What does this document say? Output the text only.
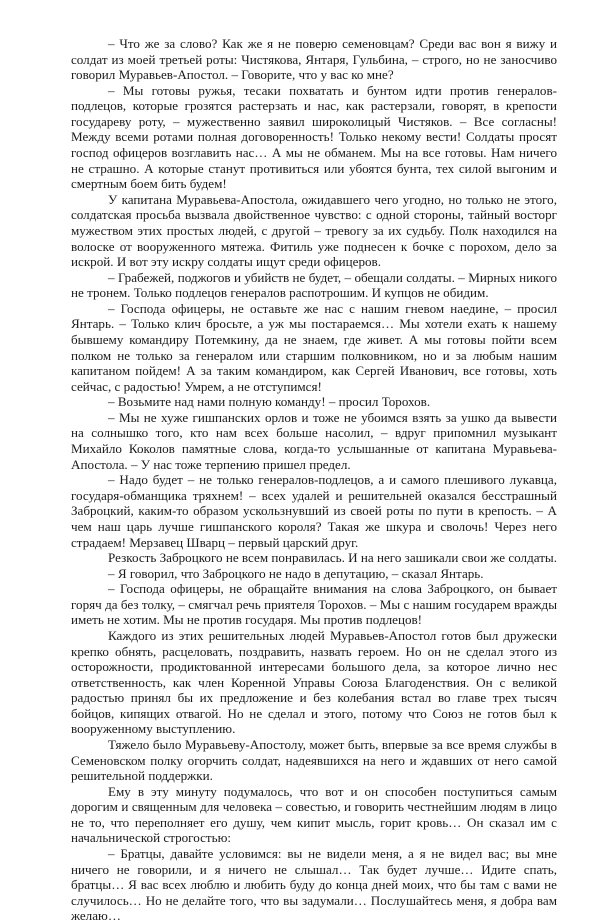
– Что же за слово? Как же я не поверю семеновцам? Среди вас вон я вижу и солдат из моей третьей роты: Чистякова, Янтаря, Гульбина, – строго, но не заносчиво говорил Муравьев-Апостол. – Говорите, что у вас ко мне?

– Мы готовы ружья, тесаки похватать и бунтом идти против генералов-подлецов, которые грозятся растерзать и нас, как растерзали, говорят, в крепости государеву роту, – мужественно заявил широколицый Чистяков. – Все согласны! Между всеми ротами полная договоренность! Только некому вести! Солдаты просят господ офицеров возглавить нас… А мы не обманем. Мы на все готовы. Нам ничего не страшно. А которые станут противиться или убоятся бунта, тех силой выгоним и смертным боем бить будем!

У капитана Муравьева-Апостола, ожидавшего чего угодно, но только не этого, солдатская просьба вызвала двойственное чувство: с одной стороны, тайный восторг мужеством этих простых людей, с другой – тревогу за их судьбу. Полк находился на волоске от вооруженного мятежа. Фитиль уже поднесен к бочке с порохом, дело за искрой. И вот эту искру солдаты ищут среди офицеров.

– Грабежей, поджогов и убийств не будет, – обещали солдаты. – Мирных никого не тронем. Только подлецов генералов распотрошим. И купцов не обидим.

– Господа офицеры, не оставьте же нас с нашим гневом наедине, – просил Янтарь. – Только клич бросьте, а уж мы постараемся… Мы хотели ехать к нашему бывшему командиру Потемкину, да не знаем, где живет. А мы готовы пойти всем полком не только за генералом или старшим полковником, но и за любым нашим капитаном пойдем! А за таким командиром, как Сергей Иванович, все готовы, хоть сейчас, с радостью! Умрем, а не отступимся!

– Возьмите над нами полную команду! – просил Торохов.

– Мы не хуже гишпанских орлов и тоже не убоимся взять за ушко да вывести на солнышко того, кто нам всех больше насолил, – вдруг припомнил музыкант Михайло Коколов памятные слова, когда-то услышанные от капитана Муравьева-Апостола. – У нас тоже терпению пришел предел.

– Надо будет – не только генералов-подлецов, а и самого плешивого лукавца, государя-обманщика тряхнем! – всех удалей и решительней оказался бесстрашный Заброцкий, каким-то образом ускользнувший из своей роты по пути в крепость. – А чем наш царь лучше гишпанского короля? Такая же шкура и сволочь! Через него страдаем! Мерзавец Шварц – первый царский друг.

Резкость Заброцкого не всем понравилась. И на него зашикали свои же солдаты.

– Я говорил, что Заброцкого не надо в депутацию, – сказал Янтарь.

– Господа офицеры, не обращайте внимания на слова Заброцкого, он бывает горяч да без толку, – смягчал речь приятеля Торохов. – Мы с нашим государем вражды иметь не хотим. Мы не против государя. Мы против подлецов!

Каждого из этих решительных людей Муравьев-Апостол готов был дружески крепко обнять, расцеловать, поздравить, назвать героем. Но он не сделал этого из осторожности, продиктованной интересами большого дела, за которое лично нес ответственность, как член Коренной Управы Союза Благоденствия. Он с великой радостью принял бы их предложение и без колебания встал во главе трех тысяч бойцов, кипящих отвагой. Но не сделал и этого, потому что Союз не готов был к вооруженному выступлению.

Тяжело было Муравьеву-Апостолу, может быть, впервые за все время службы в Семеновском полку огорчить солдат, надеявшихся на него и ждавших от него самой решительной поддержки.

Ему в эту минуту подумалось, что вот и он способен поступиться самым дорогим и священным для человека – совестью, и говорить честнейшим людям в лицо не то, что переполняет его душу, чем кипит мысль, горит кровь… Он сказал им с начальнической строгостью:

– Братцы, давайте условимся: вы не видели меня, а я не видел вас; вы мне ничего не говорили, и я ничего не слышал… Так будет лучше… Идите спать, братцы… Я вас всех люблю и любить буду до конца дней моих, что бы там с вами не случилось… Но не делайте того, что вы задумали… Послушайтесь меня, я добра вам желаю…
